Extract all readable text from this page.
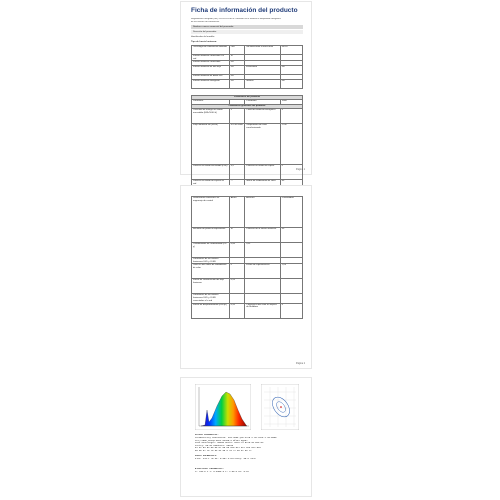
Ficha de información del producto
Reglamento Delegado (UE) 2019/2015 de la Comisión en lo relativo al etiquetado energético
de las fuentes de iluminación
Nombre o marca comercial del proveedor:
Dirección del proveedor:
Identificador del modelo:
Tipo de fuente luminosa:
Tecnología de iluminación utilizada	LED	No direccional o direccional	NDLS
Fuente luminosa conectada a la red	SÍ		
Fuente luminosa conectable	NO		
Fuente luminosa de alto flujo	NO	Envolvente	No
Fuente luminosa de doble uso	NO		
Fuente luminosa inteligente	NO	Interfaz	No
Parámetros del producto			
Parámetro		Parámetro	Valor
Parámetros generales del producto			
Consumo de energía en modo encendido (kWh/1000 h)	5	Clase de eficiencia energética	F
Flujo luminoso útil (Φuse)	470 en cono	Temperatura de color correlacionada	2700
Potencia en modo encendido (Pon)	4,9	Potencia en modo de espera	0
Potencia en modo de espera en red	—	Índice de rendimiento de color	80
Página 1
Dimensiones exteriores sin engranaje de control	Altura	Anchura	Profundidad
Reclamo de potencia equivalente	SÍ	Potencia de la fuente luminosa	40
Coordenadas de cromaticidad (x e y)	0,46	0,41	
Parámetros de las fuentes luminosas LED y OLED			
Valor R9 del índice de rendimiento de color	0	Factor de supervivencia	1,00
Factor de conservación del flujo luminoso	0,93		
Parámetros de las fuentes luminosas LED y OLED conectadas a la red			
Factor de desplazamiento (cos φ1)	0,55	Coherencia del color en elipses de McAdam	6
Página 2
Colour Parameters:
Chromaticity Coordinate: x=0.4606 y=0.4125 u'=0.2525 v'=0.5090
CCT:2700K Duv=0.0024 Ra=80.9 Rf=81 Rg=97
Peak Wavelength: 606nm Ratio: R=16.7% G=79.8% B=3.5%
Purity: 50.8% Dominant: 581nm
R1 R2 R3 R4 R5 R6 R7 R8 R9 R10 R11 R12 R13 R14 R15
80 86 92 79 78 83 84 58 9 70 77 60 82 96 72
Photo Parameters:
Flux: 470.1 lm Fe: 5.092 W Efficacy: 95.9 lm/W
Electrical Parameters:
U: 230.0 V I: 0.0350 A P: 4.90 W PF: 0.61
